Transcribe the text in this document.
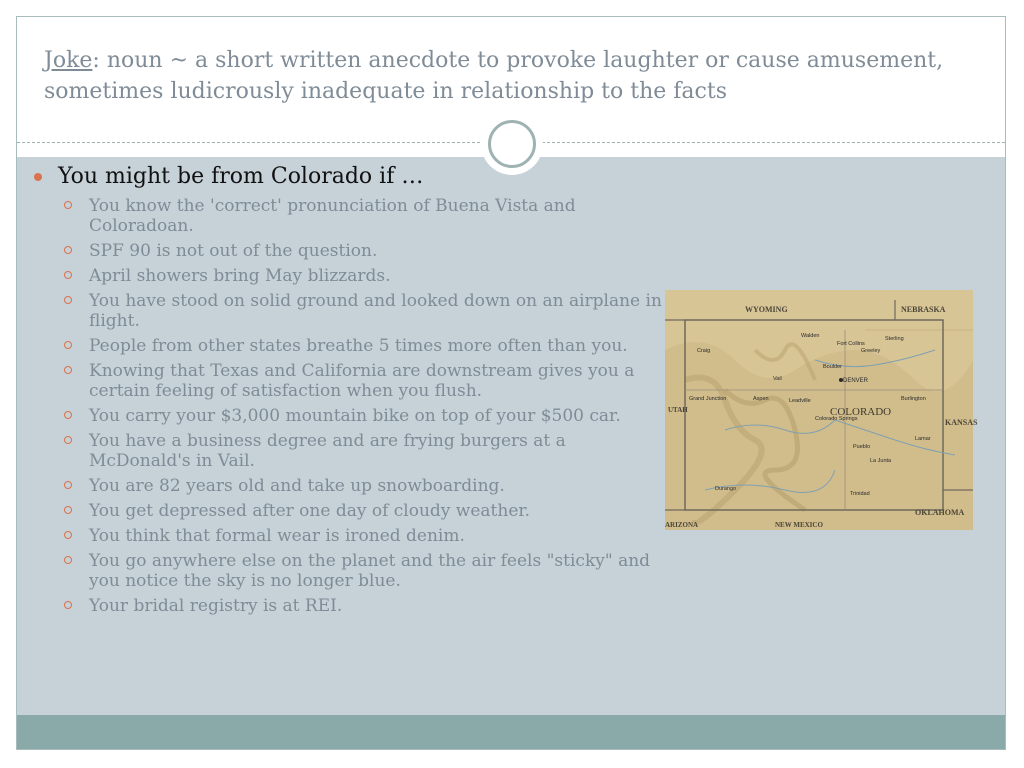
Joke: noun ~ a short written anecdote to provoke laughter or cause amusement, sometimes ludicrously inadequate in relationship to the facts
You might be from Colorado if …
You know the 'correct' pronunciation of Buena Vista and Coloradoan.
SPF 90 is not out of the question.
April showers bring May blizzards.
You have stood on solid ground and looked down on an airplane in flight.
People from other states breathe 5 times more often than you.
Knowing that Texas and California are downstream gives you a certain feeling of satisfaction when you flush.
You carry your $3,000 mountain bike on top of your $500 car.
You have a business degree and are frying burgers at a McDonald's in Vail.
You are 82 years old and take up snowboarding.
You get depressed after one day of cloudy weather.
You think that formal wear is ironed denim.
You go anywhere else on the planet and the air feels "sticky" and you notice the sky is no longer blue.
Your bridal registry is at REI.
WYOMING	NEBRASKA
KANSAS
OKLAHOMA
NEW MEXICO
ARIZONA
UTAH	COLORADO
DENVER
Fort Collins
Greeley
Boulder
Pueblo
Colorado Springs
Grand Junction
Durango
Sterling
Lamar
Trinidad
Aspen
Vail
Craig
La Junta
Burlington
Walden
Leadville
